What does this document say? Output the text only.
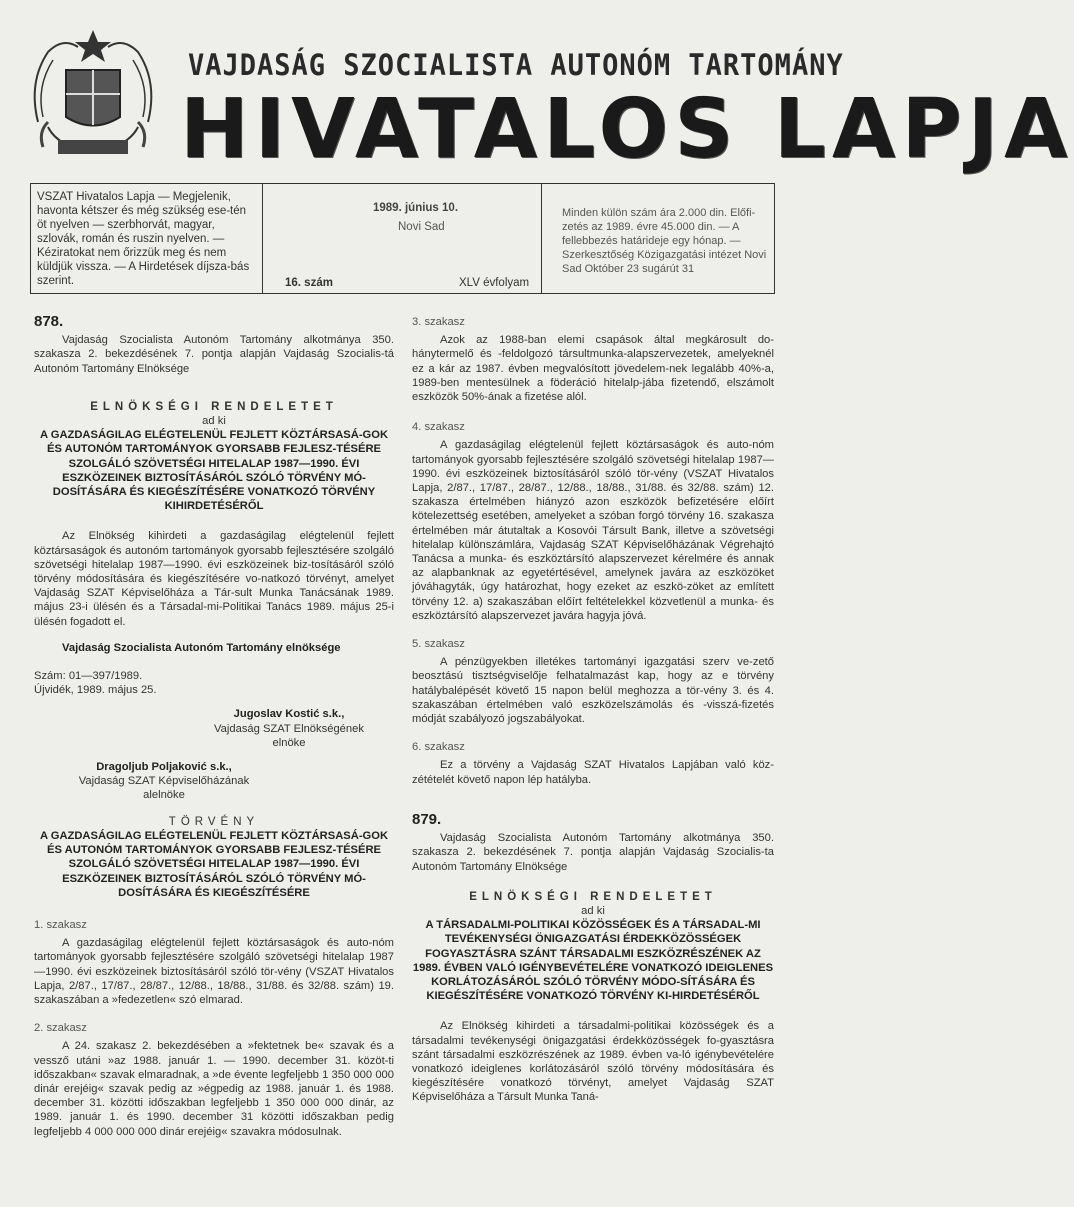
VAJDASÁG SZOCIALISTA AUTONÓM TARTOMÁNY
HIVATALOS LAPJA
VSZAT Hivatalos Lapja — Megjelenik, havonta kétszer és még szükség ese-tén öt nyelven — szerbhorvát, magyar, szlovák, román és ruszin nyelven. — Kéziratokat nem őrizzük meg és nem küldjük vissza. — A Hirdetések díjsza-bás szerint.
1989. június 10.
Novi Sad
16. szám	XLV évfolyam
Minden külön szám ára 2.000 din. Előfi-zetés az 1989. évre 45.000 din. — A fellebbezés határideje egy hónap. — Szerkesztőség Közigazgatási intézet Novi Sad Október 23 sugárút 31

878.

Vajdaság Szocialista Autonóm Tartomány alkotmánya 350. szakasza 2. bekezdésének 7. pontja alapján Vajdaság Szocialis-tá Autonóm Tartomány Elnöksége

ELNÖKSÉGI RENDELETET

ad ki

A GAZDASÁGILAG ELÉGTELENÜL FEJLETT KÖZTÁRSASÁ-GOK ÉS AUTONÓM TARTOMÁNYOK GYORSABB FEJLESZ-TÉSÉRE SZOLGÁLÓ SZÖVETSÉGI HITELALAP 1987—1990. ÉVI ESZKÖZEINEK BIZTOSÍTÁSÁRÓL SZÓLÓ TÖRVÉNY MÓ-DOSÍTÁSÁRA ÉS KIEGÉSZÍTÉSÉRE VONATKOZÓ TÖRVÉNY KIHIRDETÉSÉRŐL

Az Elnökség kihirdeti a gazdaságilag elégtelenül fejlett köztársaságok és autonóm tartományok gyorsabb fejlesztésére szolgáló szövetségi hitelalap 1987—1990. évi eszközeinek biz-tosításáról szóló törvény módosítására és kiegészítésére vo-natkozó törvényt, amelyet Vajdaság SZAT Képviselőháza a Tár-sult Munka Tanácsának 1989. május 23-i ülésén és a Társadal-mi-Politikai Tanács 1989. május 25-i ülésén fogadott el.

Vajdaság Szocialista Autonóm Tartomány elnöksége

Szám: 01—397/1989.

Újvidék, 1989. május 25.

Jugoslav Kostić s.k.,

Vajdaság SZAT Elnökségének

elnöke

Dragoljub Poljaković s.k.,

Vajdaság SZAT Képviselőházának

alelnöke

TÖRVÉNY

A GAZDASÁGILAG ELÉGTELENÜL FEJLETT KÖZTÁRSASÁ-GOK ÉS AUTONÓM TARTOMÁNYOK GYORSABB FEJLESZ-TÉSÉRE SZOLGÁLÓ SZÖVETSÉGI HITELALAP 1987—1990. ÉVI ESZKÖZEINEK BIZTOSÍTÁSÁRÓL SZÓLÓ TÖRVÉNY MÓ-DOSÍTÁSÁRA ÉS KIEGÉSZÍTÉSÉRE

1. szakasz

A gazdaságilag elégtelenül fejlett köztársaságok és auto-nóm tartományok gyorsabb fejlesztésére szolgáló szövetségi hitelalap 1987—1990. évi eszközeinek biztosításáról szóló tör-vény (VSZAT Hivatalos Lapja, 2/87., 17/87., 28/87., 12/88., 18/88., 31/88. és 32/88. szám) 19. szakaszában a »fedezetlen« szó elmarad.

2. szakasz

A 24. szakasz 2. bekezdésében a »fektetnek be« szavak és a vessző utáni »az 1988. január 1. — 1990. december 31. közöt-ti időszakban« szavak elmaradnak, a »de évente legfeljebb 1 350 000 000 dinár erejéig« szavak pedig az »égpedig az 1988. január 1. és 1988. december 31. közötti időszakban legfeljebb 1 350 000 000 dinár, az 1989. január 1. és 1990. december 31 közötti időszakban pedig legfeljebb 4 000 000 000 dinár erejéig« szavakra módosulnak.

3. szakasz

Azok az 1988-ban elemi csapások által megkárosult do-hánytermelő és -feldolgozó társultmunka-alapszervezetek, amelyeknél ez a kár az 1987. évben megvalósított jövedelem-nek legalább 40%-a, 1989-ben mentesülnek a föderáció hitelalp-jába fizetendő, elszámolt eszközök 50%-ának a fizetése alól.

4. szakasz

A gazdaságilag elégtelenül fejlett köztársaságok és auto-nóm tartományok gyorsabb fejlesztésére szolgáló szövetségi hitelalap 1987—1990. évi eszközeinek biztosításáról szóló tör-vény (VSZAT Hivatalos Lapja, 2/87., 17/87., 28/87., 12/88., 18/88., 31/88. és 32/88. szám) 12. szakasza értelmében hiányzó azon eszközök befizetésére előírt kötelezettség esetében, amelyeket a szóban forgó törvény 16. szakasza értelmében már átutaltak a Kosovói Társult Bank, illetve a szövetségi hitelalap különszámlára, Vajdaság SZAT Képviselőházának Végrehajtó Tanácsa a munka- és eszköztársító alapszervezet kérelmére és annak az alapbanknak az egyetértésével, amelynek javára az eszközöket jóváhagyták, úgy határozhat, hogy ezeket az eszkö-zöket az említett törvény 12. a) szakaszában előírt feltételekkel közvetlenül a munka- és eszköztársító alapszervezet javára hagyja jóvá.

5. szakasz

A pénzügyekben illetékes tartományi igazgatási szerv ve-zető beosztású tisztségviselője felhatalmazást kap, hogy az e törvény hatálybalépését követő 15 napon belül meghozza a tör-vény 3. és 4. szakaszában értelmében való eszközelszámolás és -visszá-fizetés módját szabályozó jogszabályokat.

6. szakasz

Ez a törvény a Vajdaság SZAT Hivatalos Lapjában való köz-zétételét követő napon lép hatályba.

879.

Vajdaság Szocialista Autonóm Tartomány alkotmánya 350. szakasza 2. bekezdésének 7. pontja alapján Vajdaság Szocialis-ta Autonóm Tartomány Elnöksége

ELNÖKSÉGI RENDELETET

ad ki

A TÁRSADALMI-POLITIKAI KÖZÖSSÉGEK ÉS A TÁRSADAL-MI TEVÉKENYSÉGI ÖNIGAZGATÁSI ÉRDEKKÖZÖSSÉGEK FOGYASZTÁSRA SZÁNT TÁRSADALMI ESZKÖZRÉSZÉNEK AZ 1989. ÉVBEN VALÓ IGÉNYBEVÉTELÉRE VONATKOZÓ IDEIGLENES KORLÁTOZÁSÁRÓL SZÓLÓ TÖRVÉNY MÓDO-SÍTÁSÁRA ÉS KIEGÉSZÍTÉSÉRE VONATKOZÓ TÖRVÉNY KI-HIRDETÉSÉRŐL

Az Elnökség kihirdeti a társadalmi-politikai közösségek és a társadalmi tevékenységi önigazgatási érdekközösségek fo-gyasztásra szánt társadalmi eszközrészének az 1989. évben va-ló igénybevételére vonatkozó ideiglenes korlátozásáról szóló törvény módosítására és kiegészítésére vonatkozó törvényt, amelyet Vajdaság SZAT Képviselőháza a Társult Munka Taná-
